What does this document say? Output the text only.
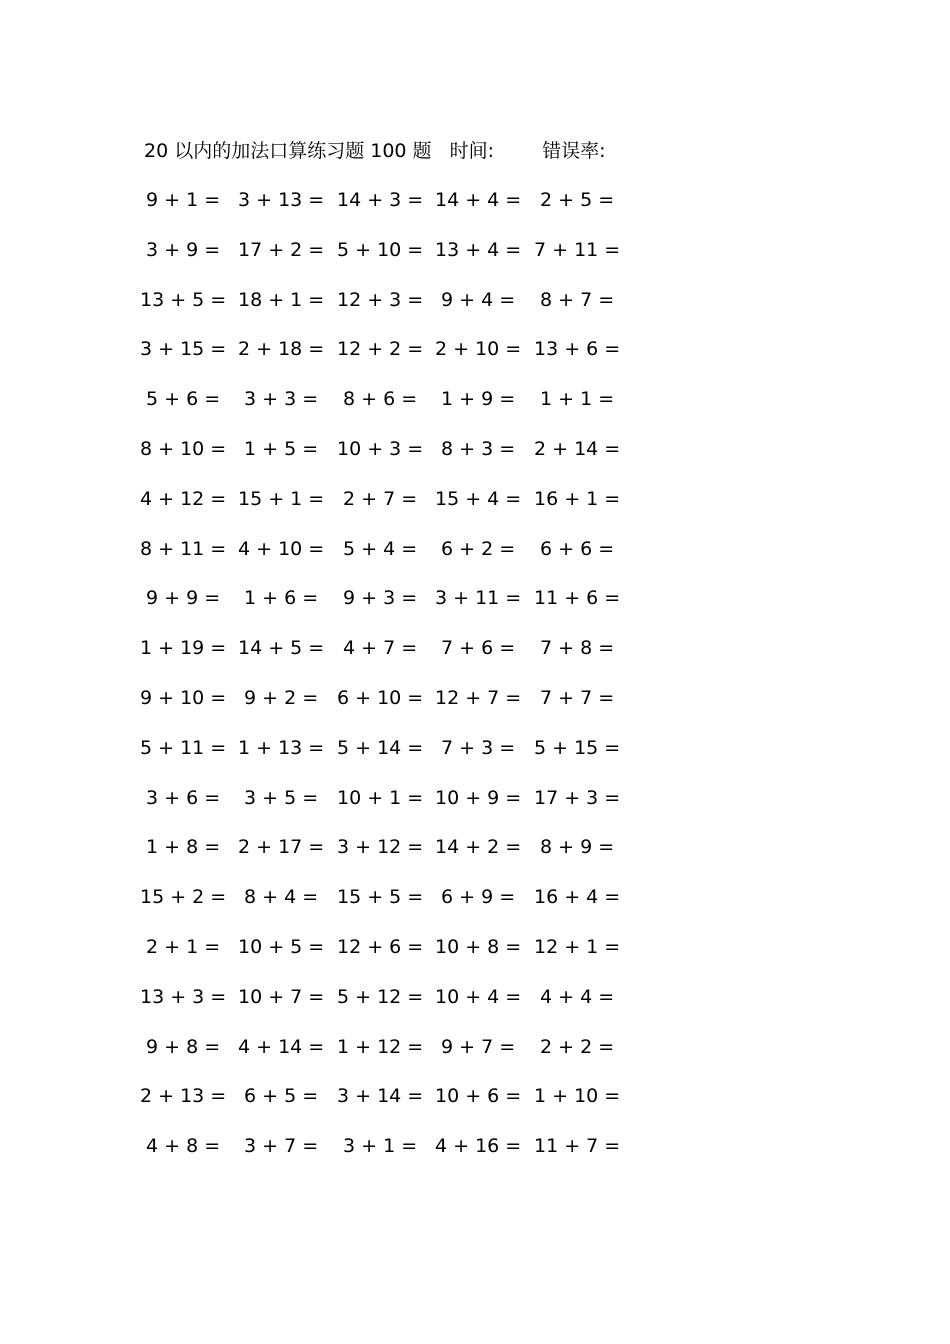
20 以内的加法口算练习题 100 题 时间:	错误率:
9 + 1 = 3 + 13 = 14 + 3 = 14 + 4 = 2 + 5 =
3 + 9 = 17 + 2 = 5 + 10 = 13 + 4 = 7 + 11 =
13 + 5 = 18 + 1 = 12 + 3 = 9 + 4 = 8 + 7 =
3 + 15 = 2 + 18 = 12 + 2 = 2 + 10 = 13 + 6 =
5 + 6 = 3 + 3 = 8 + 6 = 1 + 9 = 1 + 1 =
8 + 10 = 1 + 5 = 10 + 3 = 8 + 3 = 2 + 14 =
4 + 12 = 15 + 1 = 2 + 7 = 15 + 4 = 16 + 1 =
8 + 11 = 4 + 10 = 5 + 4 = 6 + 2 = 6 + 6 =
9 + 9 = 1 + 6 = 9 + 3 = 3 + 11 = 11 + 6 =
1 + 19 = 14 + 5 = 4 + 7 = 7 + 6 = 7 + 8 =
9 + 10 = 9 + 2 = 6 + 10 = 12 + 7 = 7 + 7 =
5 + 11 = 1 + 13 = 5 + 14 = 7 + 3 = 5 + 15 =
3 + 6 = 3 + 5 = 10 + 1 = 10 + 9 = 17 + 3 =
1 + 8 = 2 + 17 = 3 + 12 = 14 + 2 = 8 + 9 =
15 + 2 = 8 + 4 = 15 + 5 = 6 + 9 = 16 + 4 =
2 + 1 = 10 + 5 = 12 + 6 = 10 + 8 = 12 + 1 =
13 + 3 = 10 + 7 = 5 + 12 = 10 + 4 = 4 + 4 =
9 + 8 = 4 + 14 = 1 + 12 = 9 + 7 = 2 + 2 =
2 + 13 = 6 + 5 = 3 + 14 = 10 + 6 = 1 + 10 =
4 + 8 = 3 + 7 = 3 + 1 = 4 + 16 = 11 + 7 =
